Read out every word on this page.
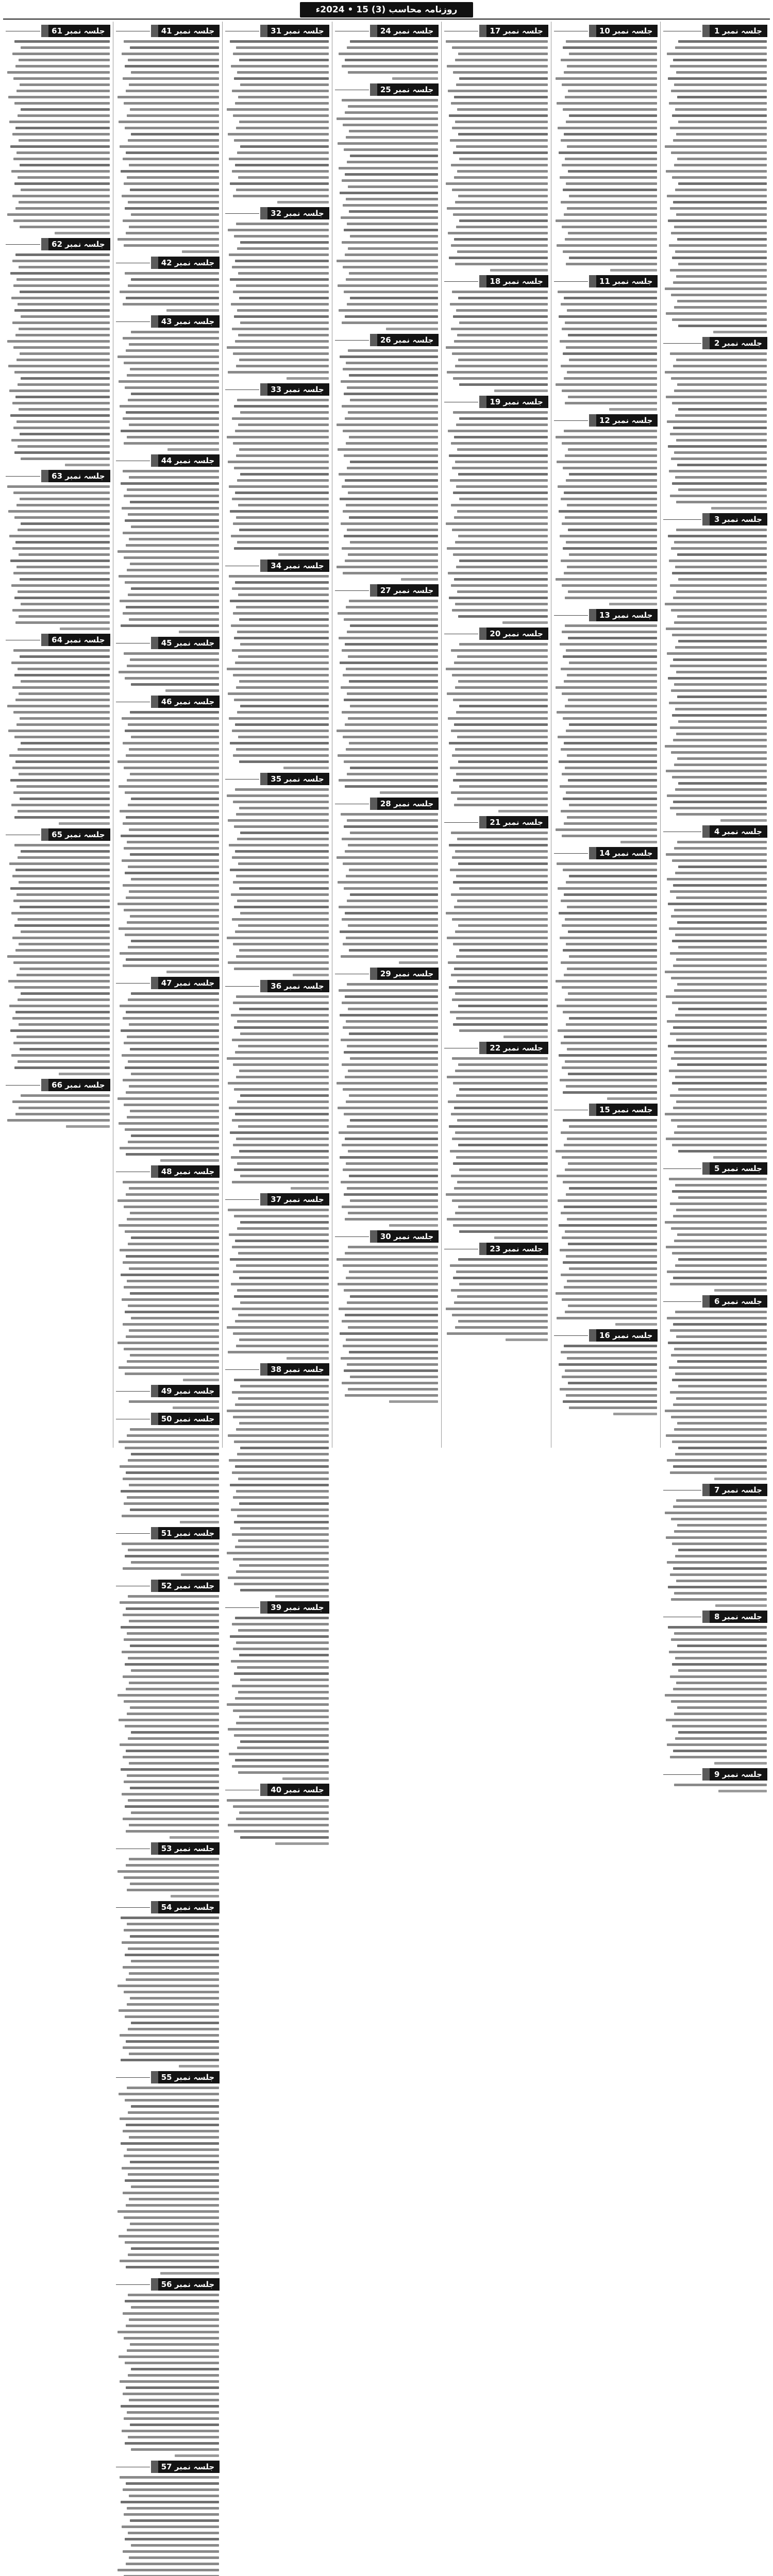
روزنامہ محاسب (3) 15 • 2024ء
جلسہ نمبر 1
جلسہ نمبر 2
جلسہ نمبر 3
جلسہ نمبر 4
جلسہ نمبر 5
جلسہ نمبر 6
جلسہ نمبر 7
جلسہ نمبر 8
جلسہ نمبر 9
جلسہ نمبر 10
جلسہ نمبر 11
جلسہ نمبر 12
جلسہ نمبر 13
جلسہ نمبر 14
جلسہ نمبر 15
جلسہ نمبر 16
جلسہ نمبر 17
جلسہ نمبر 18
جلسہ نمبر 19
جلسہ نمبر 20
جلسہ نمبر 21
جلسہ نمبر 22
جلسہ نمبر 23
جلسہ نمبر 24
جلسہ نمبر 25
جلسہ نمبر 26
جلسہ نمبر 27
جلسہ نمبر 28
جلسہ نمبر 29
جلسہ نمبر 30
جلسہ نمبر 31
جلسہ نمبر 32
جلسہ نمبر 33
جلسہ نمبر 34
جلسہ نمبر 35
جلسہ نمبر 36
جلسہ نمبر 37
جلسہ نمبر 38
جلسہ نمبر 39
جلسہ نمبر 40
جلسہ نمبر 41
جلسہ نمبر 42
جلسہ نمبر 43
جلسہ نمبر 44
جلسہ نمبر 45
جلسہ نمبر 46
جلسہ نمبر 47
جلسہ نمبر 48
جلسہ نمبر 49
جلسہ نمبر 50
جلسہ نمبر 51
جلسہ نمبر 52
جلسہ نمبر 53
جلسہ نمبر 54
جلسہ نمبر 55
جلسہ نمبر 56
جلسہ نمبر 57
جلسہ نمبر 61
جلسہ نمبر 62
جلسہ نمبر 63
جلسہ نمبر 64
جلسہ نمبر 65
جلسہ نمبر 66
